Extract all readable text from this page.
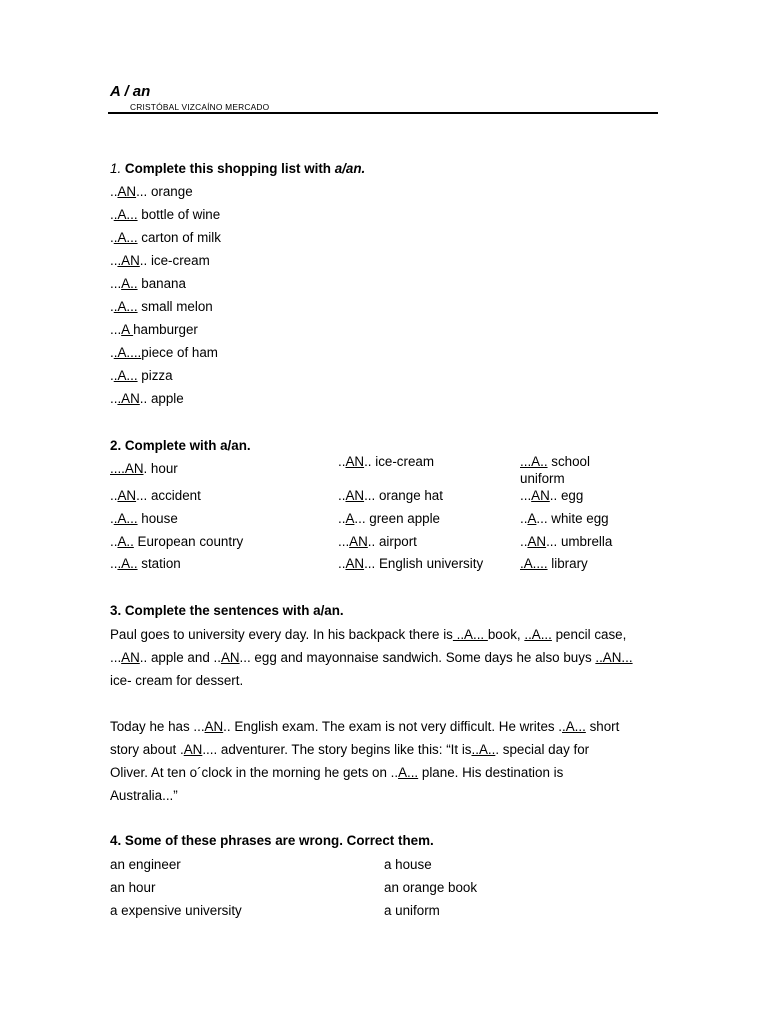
A / an
CRISTÓBAL VIZCAÍNO MERCADO
1. Complete this shopping list with a/an.
..AN... orange
..A... bottle of wine
..A... carton of milk
...AN.. ice-cream
...A.. banana
..A... small melon
...A hamburger
..A....piece of ham
..A... pizza
...AN.. apple
2. Complete with a/an.
....AN. hour	..AN.. ice-cream	...A.. school
uniform
..AN... accident	..AN... orange hat	...AN.. egg
..A... house	..A... green apple	..A... white egg
..A.. European country	...AN.. airport	..AN... umbrella
...A.. station	..AN... English university	.A.... library
3. Complete the sentences with a/an.
Paul goes to university every day. In his backpack there is ..A... book, ..A... pencil case,
...AN.. apple and ..AN... egg and mayonnaise sandwich. Some days he also buys ..AN...
ice- cream for dessert.
Today he has ...AN.. English exam. The exam is not very difficult. He writes ..A... short
story about .AN.... adventurer. The story begins like this: “It is..A... special day for
Oliver. At ten o´clock in the morning he gets on ..A... plane. His destination is
Australia...”
4. Some of these phrases are wrong. Correct them.
an engineer	a house
an hour	an orange book
a expensive university	a uniform
